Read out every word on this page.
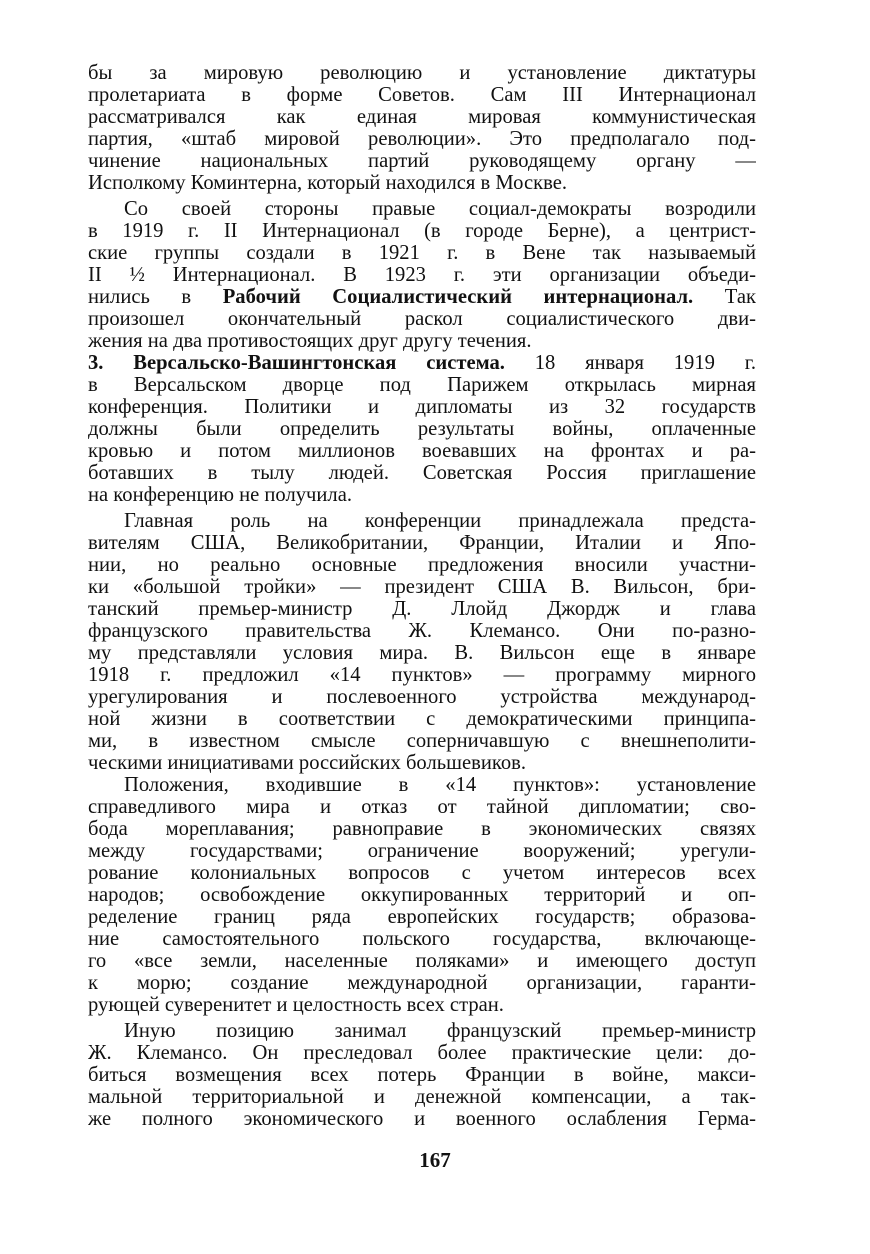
бы за мировую революцию и установление диктатуры
пролетариата в форме Советов. Сам III Интернационал
рассматривался как единая мировая коммунистическая
партия, «штаб мировой революции». Это предполагало под-
чинение национальных партий руководящему органу —
Исполкому Коминтерна, который находился в Москве.
Со своей стороны правые социал-демократы возродили
в 1919 г. II Интернационал (в городе Берне), а центрист-
ские группы создали в 1921 г. в Вене так называемый
II ½ Интернационал. В 1923 г. эти организации объеди-
нились в Рабочий Социалистический интернационал. Так
произошел окончательный раскол социалистического дви-
жения на два противостоящих друг другу течения.
3. Версальско-Вашингтонская система. 18 января 1919 г.
в Версальском дворце под Парижем открылась мирная
конференция. Политики и дипломаты из 32 государств
должны были определить результаты войны, оплаченные
кровью и потом миллионов воевавших на фронтах и ра-
ботавших в тылу людей. Советская Россия приглашение
на конференцию не получила.
Главная роль на конференции принадлежала предста-
вителям США, Великобритании, Франции, Италии и Япо-
нии, но реально основные предложения вносили участни-
ки «большой тройки» — президент США В. Вильсон, бри-
танский премьер-министр Д. Ллойд Джордж и глава
французского правительства Ж. Клемансо. Они по-разно-
му представляли условия мира. В. Вильсон еще в январе
1918 г. предложил «14 пунктов» — программу мирного
урегулирования и послевоенного устройства международ-
ной жизни в соответствии с демократическими принципа-
ми, в известном смысле соперничавшую с внешнеполити-
ческими инициативами российских большевиков.
Положения, входившие в «14 пунктов»: установление
справедливого мира и отказ от тайной дипломатии; сво-
бода мореплавания; равноправие в экономических связях
между государствами; ограничение вооружений; урегули-
рование колониальных вопросов с учетом интересов всех
народов; освобождение оккупированных территорий и оп-
ределение границ ряда европейских государств; образова-
ние самостоятельного польского государства, включающе-
го «все земли, населенные поляками» и имеющего доступ
к морю; создание международной организации, гаранти-
рующей суверенитет и целостность всех стран.
Иную позицию занимал французский премьер-министр
Ж. Клемансо. Он преследовал более практические цели: до-
биться возмещения всех потерь Франции в войне, макси-
мальной территориальной и денежной компенсации, а так-
же полного экономического и военного ослабления Герма-
167
